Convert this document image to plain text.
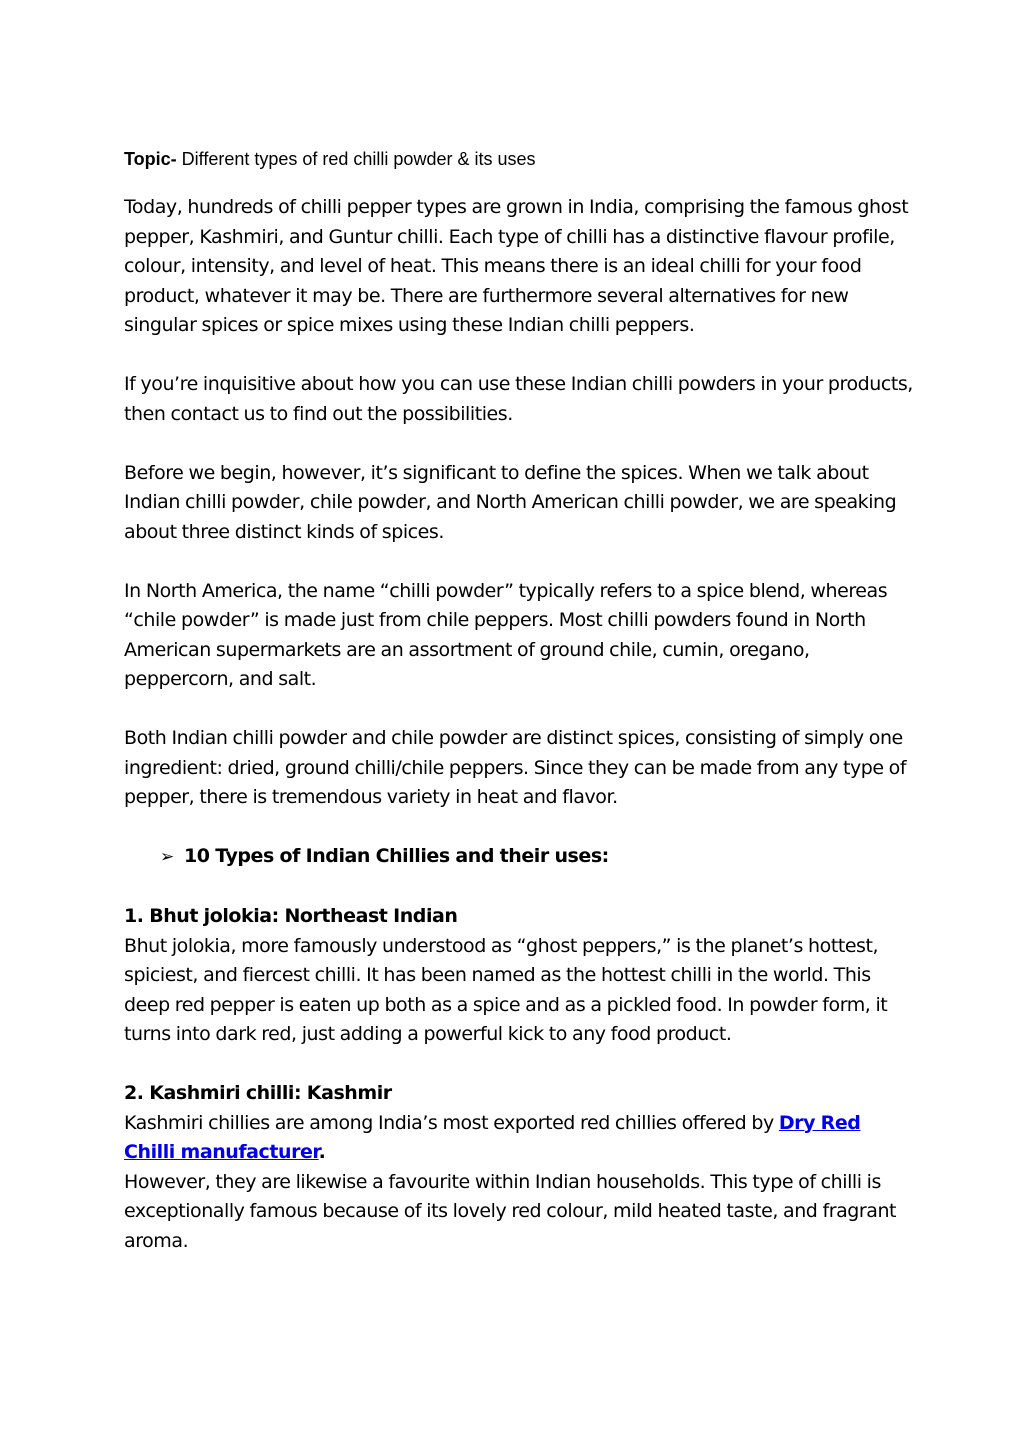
Topic- Different types of red chilli powder & its uses

Today, hundreds of chilli pepper types are grown in India, comprising the famous ghost pepper, Kashmiri, and Guntur chilli. Each type of chilli has a distinctive flavour profile, colour, intensity, and level of heat. This means there is an ideal chilli for your food product, whatever it may be. There are furthermore several alternatives for new singular spices or spice mixes using these Indian chilli peppers.

If you’re inquisitive about how you can use these Indian chilli powders in your products, then contact us to find out the possibilities.

Before we begin, however, it’s significant to define the spices. When we talk about Indian chilli powder, chile powder, and North American chilli powder, we are speaking about three distinct kinds of spices.

In North America, the name “chilli powder” typically refers to a spice blend, whereas “chile powder” is made just from chile peppers. Most chilli powders found in North American supermarkets are an assortment of ground chile, cumin, oregano, peppercorn, and salt.

Both Indian chilli powder and chile powder are distinct spices, consisting of simply one ingredient: dried, ground chilli/chile peppers. Since they can be made from any type of pepper, there is tremendous variety in heat and flavor.

➢ 10 Types of Indian Chillies and their uses:
1. Bhut jolokia: Northeast Indian
Bhut jolokia, more famously understood as “ghost peppers,” is the planet’s hottest, spiciest, and fiercest chilli. It has been named as the hottest chilli in the world. This deep red pepper is eaten up both as a spice and as a pickled food. In powder form, it turns into dark red, just adding a powerful kick to any food product.
2. Kashmiri chilli: Kashmir
Kashmiri chillies are among India’s most exported red chillies offered by Dry Red Chilli manufacturer.
However, they are likewise a favourite within Indian households. This type of chilli is exceptionally famous because of its lovely red colour, mild heated taste, and fragrant aroma.
